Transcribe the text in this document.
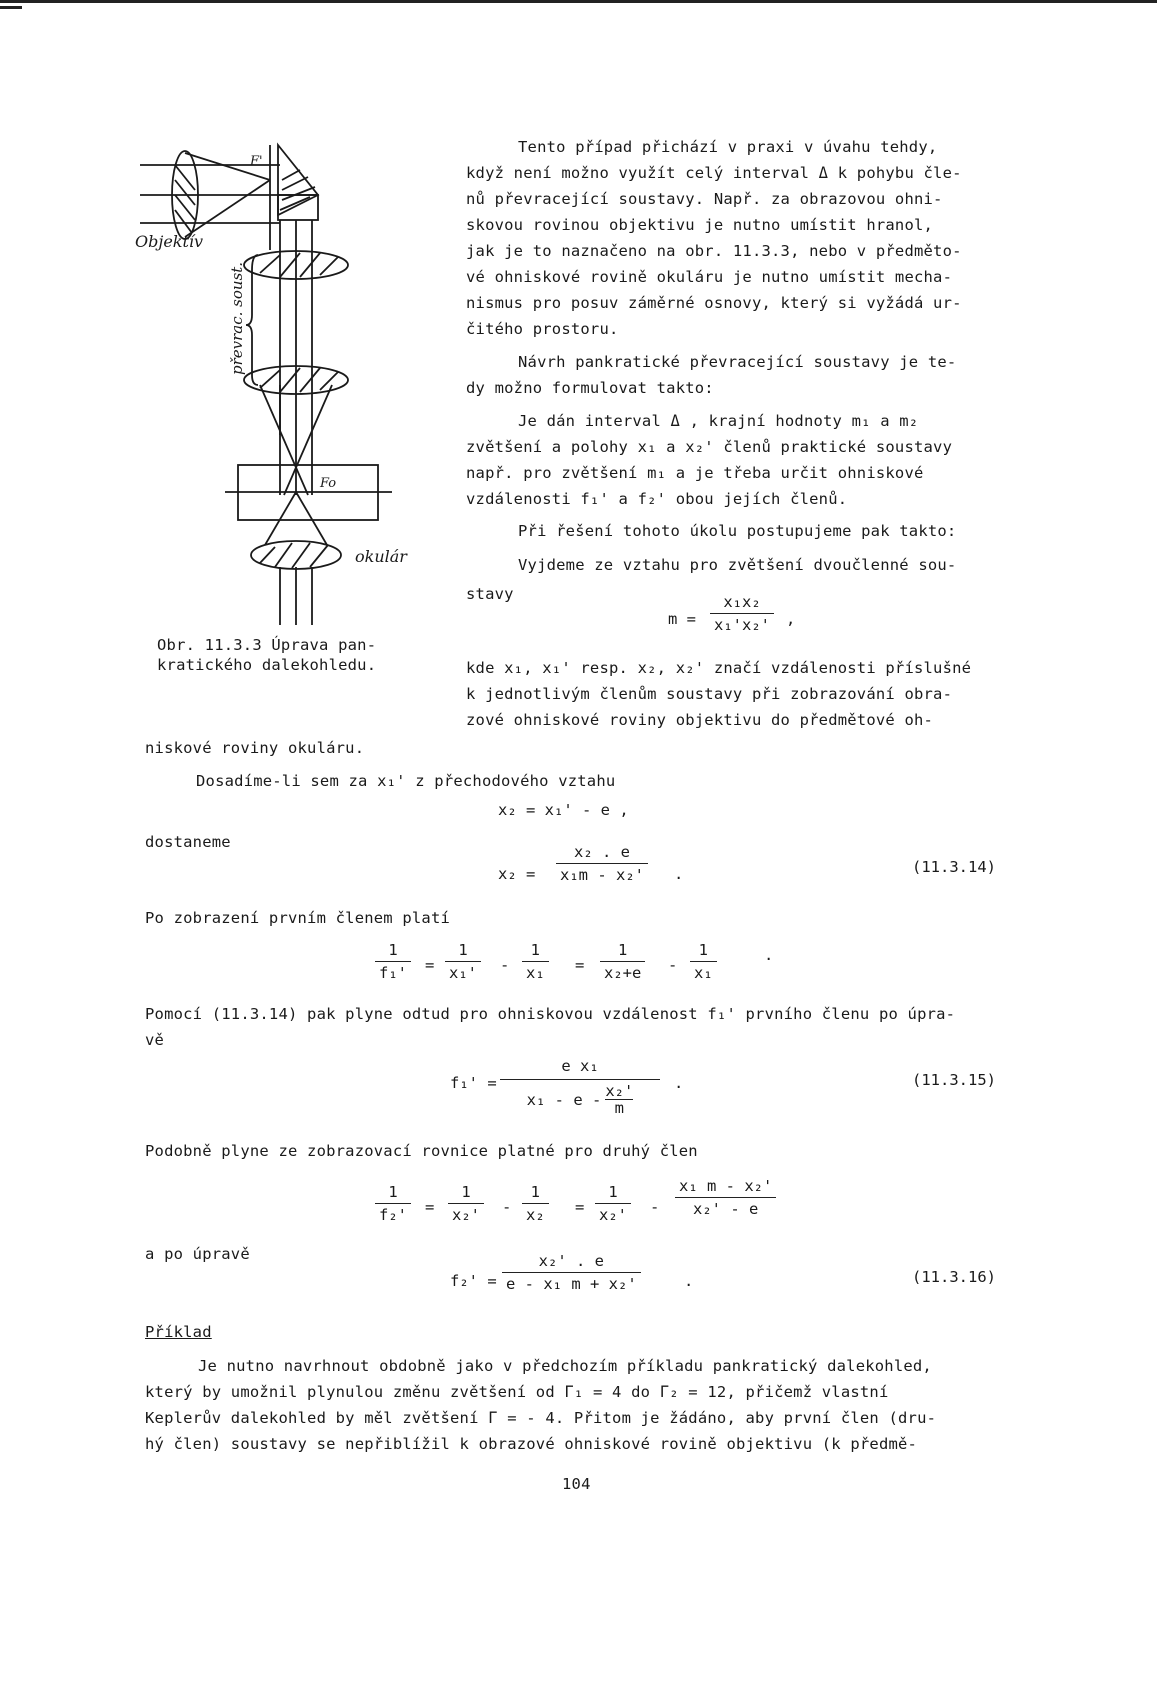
Objektív
F'
Fo
okulár
převrac. soust.
Obr. 11.3.3 Úprava pan-
kratického dalekohledu.
Tento případ přichází v praxi v úvahu tehdy,
když není možno využít celý interval Δ k pohybu čle-
nů převracející soustavy. Např. za obrazovou ohni-
skovou rovinou objektivu je nutno umístit hranol,
jak je to naznačeno na obr. 11.3.3, nebo v předměto-
vé ohniskové rovině okuláru je nutno umístit mecha-
nismus pro posuv záměrné osnovy, který si vyžádá ur-
čitého prostoru.
Návrh pankratické převracející soustavy je te-
dy možno formulovat takto:
Je dán interval Δ , krajní hodnoty m₁ a m₂
zvětšení a polohy x₁ a x₂' členů praktické soustavy
např. pro zvětšení m₁ a je třeba určit ohniskové
vzdálenosti f₁' a f₂' obou jejích členů.
Při řešení tohoto úkolu postupujeme pak takto:
Vyjdeme ze vztahu pro zvětšení dvoučlenné sou-
stavy
m =
x₁x₂
x₁'x₂' ,
kde x₁, x₁' resp. x₂, x₂' značí vzdálenosti příslušné
k jednotlivým členům soustavy při zobrazování obra-
zové ohniskové roviny objektivu do předmětové oh-
niskové roviny okuláru.
Dosadíme-li sem za x₁' z přechodového vztahu
x₂ = x₁' - e ,
dostaneme
x₂ =
x₂ . e
x₁m - x₂' .	(11.3.14)
Po zobrazení prvním členem platí
1
f₁' =
1
x₁' -
1
x₁ =
1
x₂+e -
1
x₁
.
Pomocí (11.3.14) pak plyne odtud pro ohniskovou vzdálenost f₁' prvního členu po úpra-
vě
f₁' =
e x₁
x₁ - e - x₂'
m
.	(11.3.15)
Podobně plyne ze zobrazovací rovnice platné pro druhý člen
1
f₂' =
1
x₂' -
1
x₂ =
1
x₂' -
x₁ m - x₂'
x₂' - e
a po úpravě
f₂' =
x₂' . e
e - x₁ m + x₂'	.	(11.3.16)
Příklad
Je nutno navrhnout obdobně jako v předchozím příkladu pankratický dalekohled,
který by umožnil plynulou změnu zvětšení od Γ₁ = 4 do Γ₂ = 12, přičemž vlastní
Keplerův dalekohled by měl zvětšení Γ = - 4. Přitom je žádáno, aby první člen (dru-
hý člen) soustavy se nepřiblížil k obrazové ohniskové rovině objektivu (k předmě-
104
